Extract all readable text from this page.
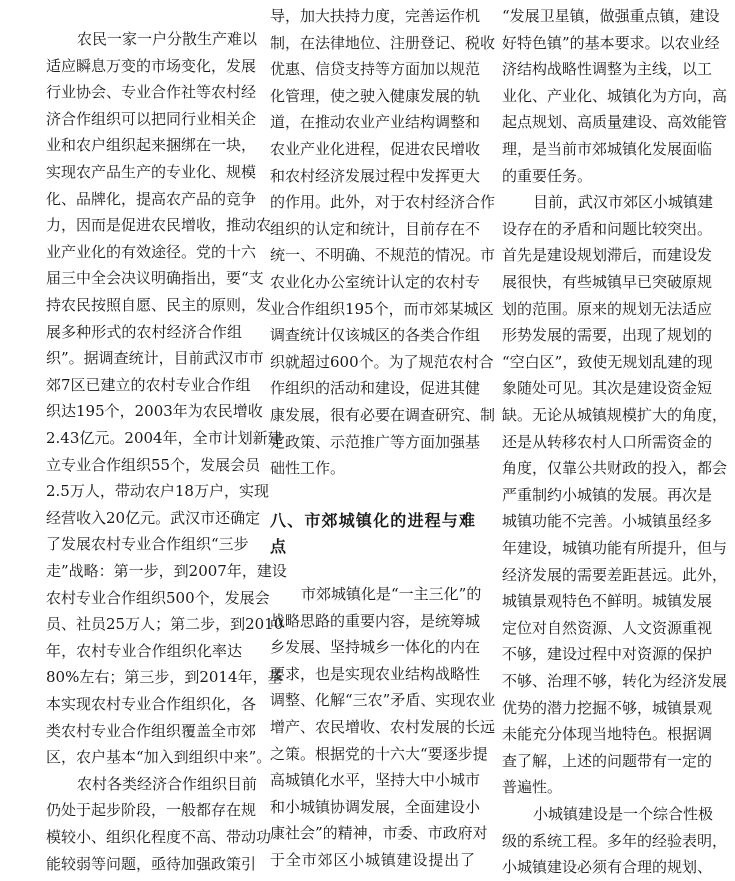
农民一家一户分散生产难以
适应瞬息万变的市场变化，发展
行业协会、专业合作社等农村经
济合作组织可以把同行业相关企
业和农户组织起来捆绑在一块，
实现农产品生产的专业化、规模
化、品牌化，提高农产品的竞争
力，因而是促进农民增收，推动农
业产业化的有效途径。党的十六
届三中全会决议明确指出，要“支
持农民按照自愿、民主的原则，发
展多种形式的农村经济合作组
织”。据调查统计，目前武汉市市
郊7区已建立的农村专业合作组
织达195个，2003年为农民增收
2.43亿元。2004年，全市计划新建
立专业合作组织55个，发展会员
2.5万人，带动农户18万户，实现
经营收入20亿元。武汉市还确定
了发展农村专业合作组织“三步
走”战略：第一步，到2007年，建设
农村专业合作组织500个，发展会
员、社员25万人；第二步，到2010
年，农村专业合作组织化率达
80%左右；第三步，到2014年，基
本实现农村专业合作组织化，各
类农村专业合作组织覆盖全市郊
区，农户基本“加入到组织中来”。
农村各类经济合作组织目前
仍处于起步阶段，一般都存在规
模较小、组织化程度不高、带动功
能较弱等问题，亟待加强政策引
导，加大扶持力度，完善运作机
制，在法律地位、注册登记、税收
优惠、信贷支持等方面加以规范
化管理，使之驶入健康发展的轨
道，在推动农业产业结构调整和
农业产业化进程，促进农民增收
和农村经济发展过程中发挥更大
的作用。此外，对于农村经济合作
组织的认定和统计，目前存在不
统一、不明确、不规范的情况。市
农业化办公室统计认定的农村专
业合作组织195个，而市郊某城区
调查统计仅该城区的各类合作组
织就超过600个。为了规范农村合
作组织的活动和建设，促进其健
康发展，很有必要在调查研究、制
定政策、示范推广等方面加强基
础性工作。
八、市郊城镇化的进程与难
点
市郊城镇化是“一主三化”的
战略思路的重要内容，是统筹城
乡发展、坚持城乡一体化的内在
要求，也是实现农业结构战略性
调整、化解“三农”矛盾、实现农业
增产、农民增收、农村发展的长远
之策。根据党的十六大“要逐步提
高城镇化水平，坚持大中小城市
和小城镇协调发展，全面建设小
康社会”的精神，市委、市政府对
于全市郊区小城镇建设提出了
“发展卫星镇，做强重点镇，建设
好特色镇”的基本要求。以农业经
济结构战略性调整为主线，以工
业化、产业化、城镇化为方向，高
起点规划、高质量建设、高效能管
理，是当前市郊城镇化发展面临
的重要任务。
目前，武汉市郊区小城镇建
设存在的矛盾和问题比较突出。
首先是建设规划滞后，而建设发
展很快，有些城镇早已突破原规
划的范围。原来的规划无法适应
形势发展的需要，出现了规划的
“空白区”，致使无规划乱建的现
象随处可见。其次是建设资金短
缺。无论从城镇规模扩大的角度，
还是从转移农村人口所需资金的
角度，仅靠公共财政的投入，都会
严重制约小城镇的发展。再次是
城镇功能不完善。小城镇虽经多
年建设，城镇功能有所提升，但与
经济发展的需要差距甚远。此外，
城镇景观特色不鲜明。城镇发展
定位对自然资源、人文资源重视
不够，建设过程中对资源的保护
不够、治理不够，转化为经济发展
优势的潜力挖掘不够，城镇景观
未能充分体现当地特色。根据调
查了解，上述的问题带有一定的
普遍性。
小城镇建设是一个综合性极
级的系统工程。多年的经验表明，
小城镇建设必须有合理的规划、
